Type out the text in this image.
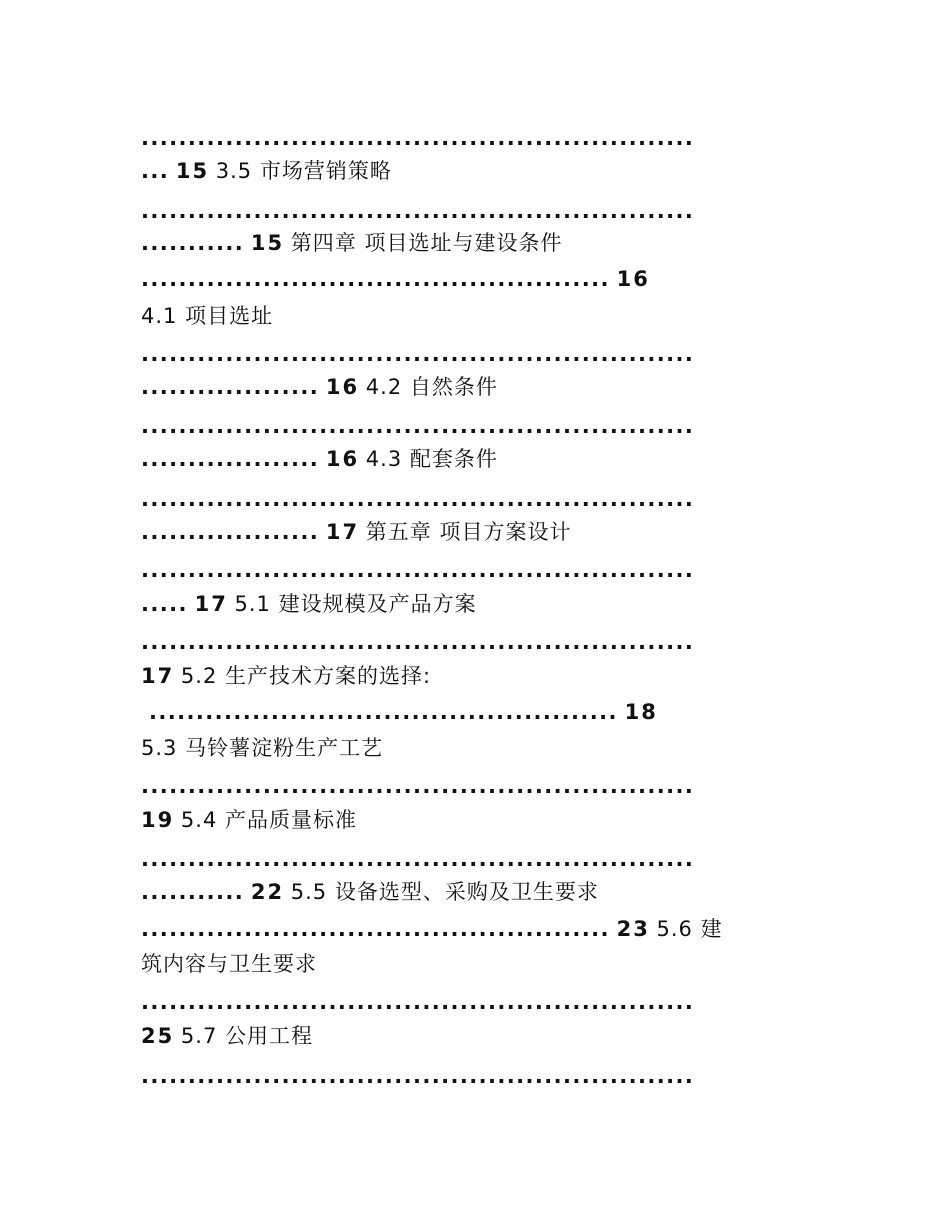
...........................................................
...........................................................
...........................................................
...........................................................
...........................................................
...........................................................
...........................................................
... 15 3.5 市场营销策略
........... 15 第四章 项目选址与建设条件
.................................................. 16
4.1 项目选址
................... 16 4.2 自然条件
................... 16 4.3 配套条件
................... 17 第五章 项目方案设计
..... 17 5.1 建设规模及产品方案
...........................................................
17 5.2 生产技术方案的选择:
.................................................. 18
5.3 马铃薯淀粉生产工艺
...........................................................
19 5.4 产品质量标准
........... 22 5.5 设备选型、采购及卫生要求
.................................................. 23 5.6 建
筑内容与卫生要求
...........................................................
25 5.7 公用工程
...........................................................
